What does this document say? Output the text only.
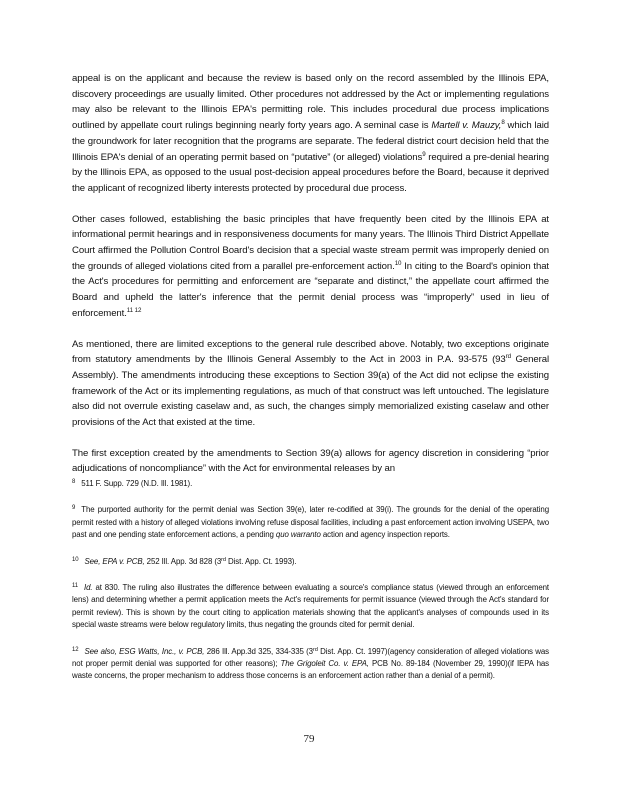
appeal is on the applicant and because the review is based only on the record assembled by the Illinois EPA, discovery proceedings are usually limited. Other procedures not addressed by the Act or implementing regulations may also be relevant to the Illinois EPA's permitting role. This includes procedural due process implications outlined by appellate court rulings beginning nearly forty years ago. A seminal case is Martell v. Mauzy,$^8$ which laid the groundwork for later recognition that the programs are separate. The federal district court decision held that the Illinois EPA's denial of an operating permit based on “putative” (or alleged) violations$^9$ required a pre-denial hearing by the Illinois EPA, as opposed to the usual post-decision appeal procedures before the Board, because it deprived the applicant of recognized liberty interests protected by procedural due process.

Other cases followed, establishing the basic principles that have frequently been cited by the Illinois EPA at informational permit hearings and in responsiveness documents for many years. The Illinois Third District Appellate Court affirmed the Pollution Control Board's decision that a special waste stream permit was improperly denied on the grounds of alleged violations cited from a parallel pre-enforcement action.$^{10}$ In citing to the Board's opinion that the Act's procedures for permitting and enforcement are “separate and distinct,” the appellate court affirmed the Board and upheld the latter's inference that the permit denial process was “improperly” used in lieu of enforcement.$^{11 12}$

As mentioned, there are limited exceptions to the general rule described above. Notably, two exceptions originate from statutory amendments by the Illinois General Assembly to the Act in 2003 in P.A. 93-575 (93rd General Assembly). The amendments introducing these exceptions to Section 39(a) of the Act did not eclipse the existing framework of the Act or its implementing regulations, as much of that construct was left untouched. The legislature also did not overrule existing caselaw and, as such, the changes simply memorialized existing caselaw and other provisions of the Act that existed at the time.

The first exception created by the amendments to Section 39(a) allows for agency discretion in considering “prior adjudications of noncompliance” with the Act for environmental releases by an

$^8$ 511 F. Supp. 729 (N.D. Ill. 1981).

$^9$ The purported authority for the permit denial was Section 39(e), later re-codified at 39(i). The grounds for the denial of the operating permit rested with a history of alleged violations involving refuse disposal facilities, including a past enforcement action involving USEPA, two past and one pending state enforcement actions, a pending quo warranto action and agency inspection reports.

$^{10}$ See, EPA v. PCB, 252 Ill. App. 3d 828 (3rd Dist. App. Ct. 1993).

$^{11}$ Id. at 830. The ruling also illustrates the difference between evaluating a source's compliance status (viewed through an enforcement lens) and determining whether a permit application meets the Act's requirements for permit issuance (viewed through the Act's standard for permit review). This is shown by the court citing to application materials showing that the applicant's analyses of compounds used in its special waste streams were below regulatory limits, thus negating the grounds cited for permit denial.

$^{12}$ See also, ESG Watts, Inc., v. PCB, 286 Ill. App.3d 325, 334-335 (3rd Dist. App. Ct. 1997)(agency consideration of alleged violations was not proper permit denial was supported for other reasons); The Grigoleit Co. v. EPA, PCB No. 89-184 (November 29, 1990)(if IEPA has waste concerns, the proper mechanism to address those concerns is an enforcement action rather than a denial of a permit).

79
